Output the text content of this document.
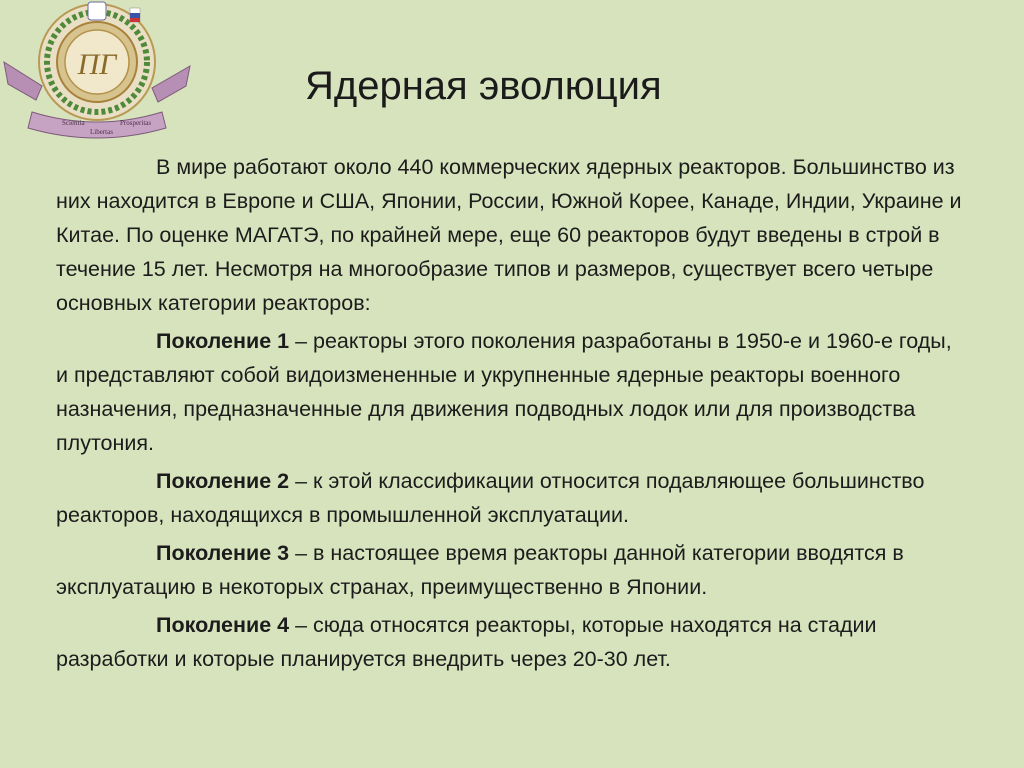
ПГ
Scientia
Libertas
Prosperitas
Ядерная эволюция

В мире работают около 440 коммерческих ядерных реакторов. Большинство из них находится в Европе и США, Японии, России, Южной Корее, Канаде, Индии, Украине и Китае. По оценке МАГАТЭ, по крайней мере, еще 60 реакторов будут введены в строй в течение 15 лет. Несмотря на многообразие типов и размеров, существует всего четыре основных категории реакторов:

Поколение 1 – реакторы этого поколения разработаны в 1950-е и 1960-е годы, и представляют собой видоизмененные и укрупненные ядерные реакторы военного назначения, предназначенные для движения подводных лодок или для производства плутония.

Поколение 2 – к этой классификации относится подавляющее большинство реакторов, находящихся в промышленной эксплуатации.

Поколение 3 – в настоящее время реакторы данной категории вводятся в эксплуатацию в некоторых странах, преимущественно в Японии.

Поколение 4 – сюда относятся реакторы, которые находятся на стадии разработки и которые планируется внедрить через 20-30 лет.
